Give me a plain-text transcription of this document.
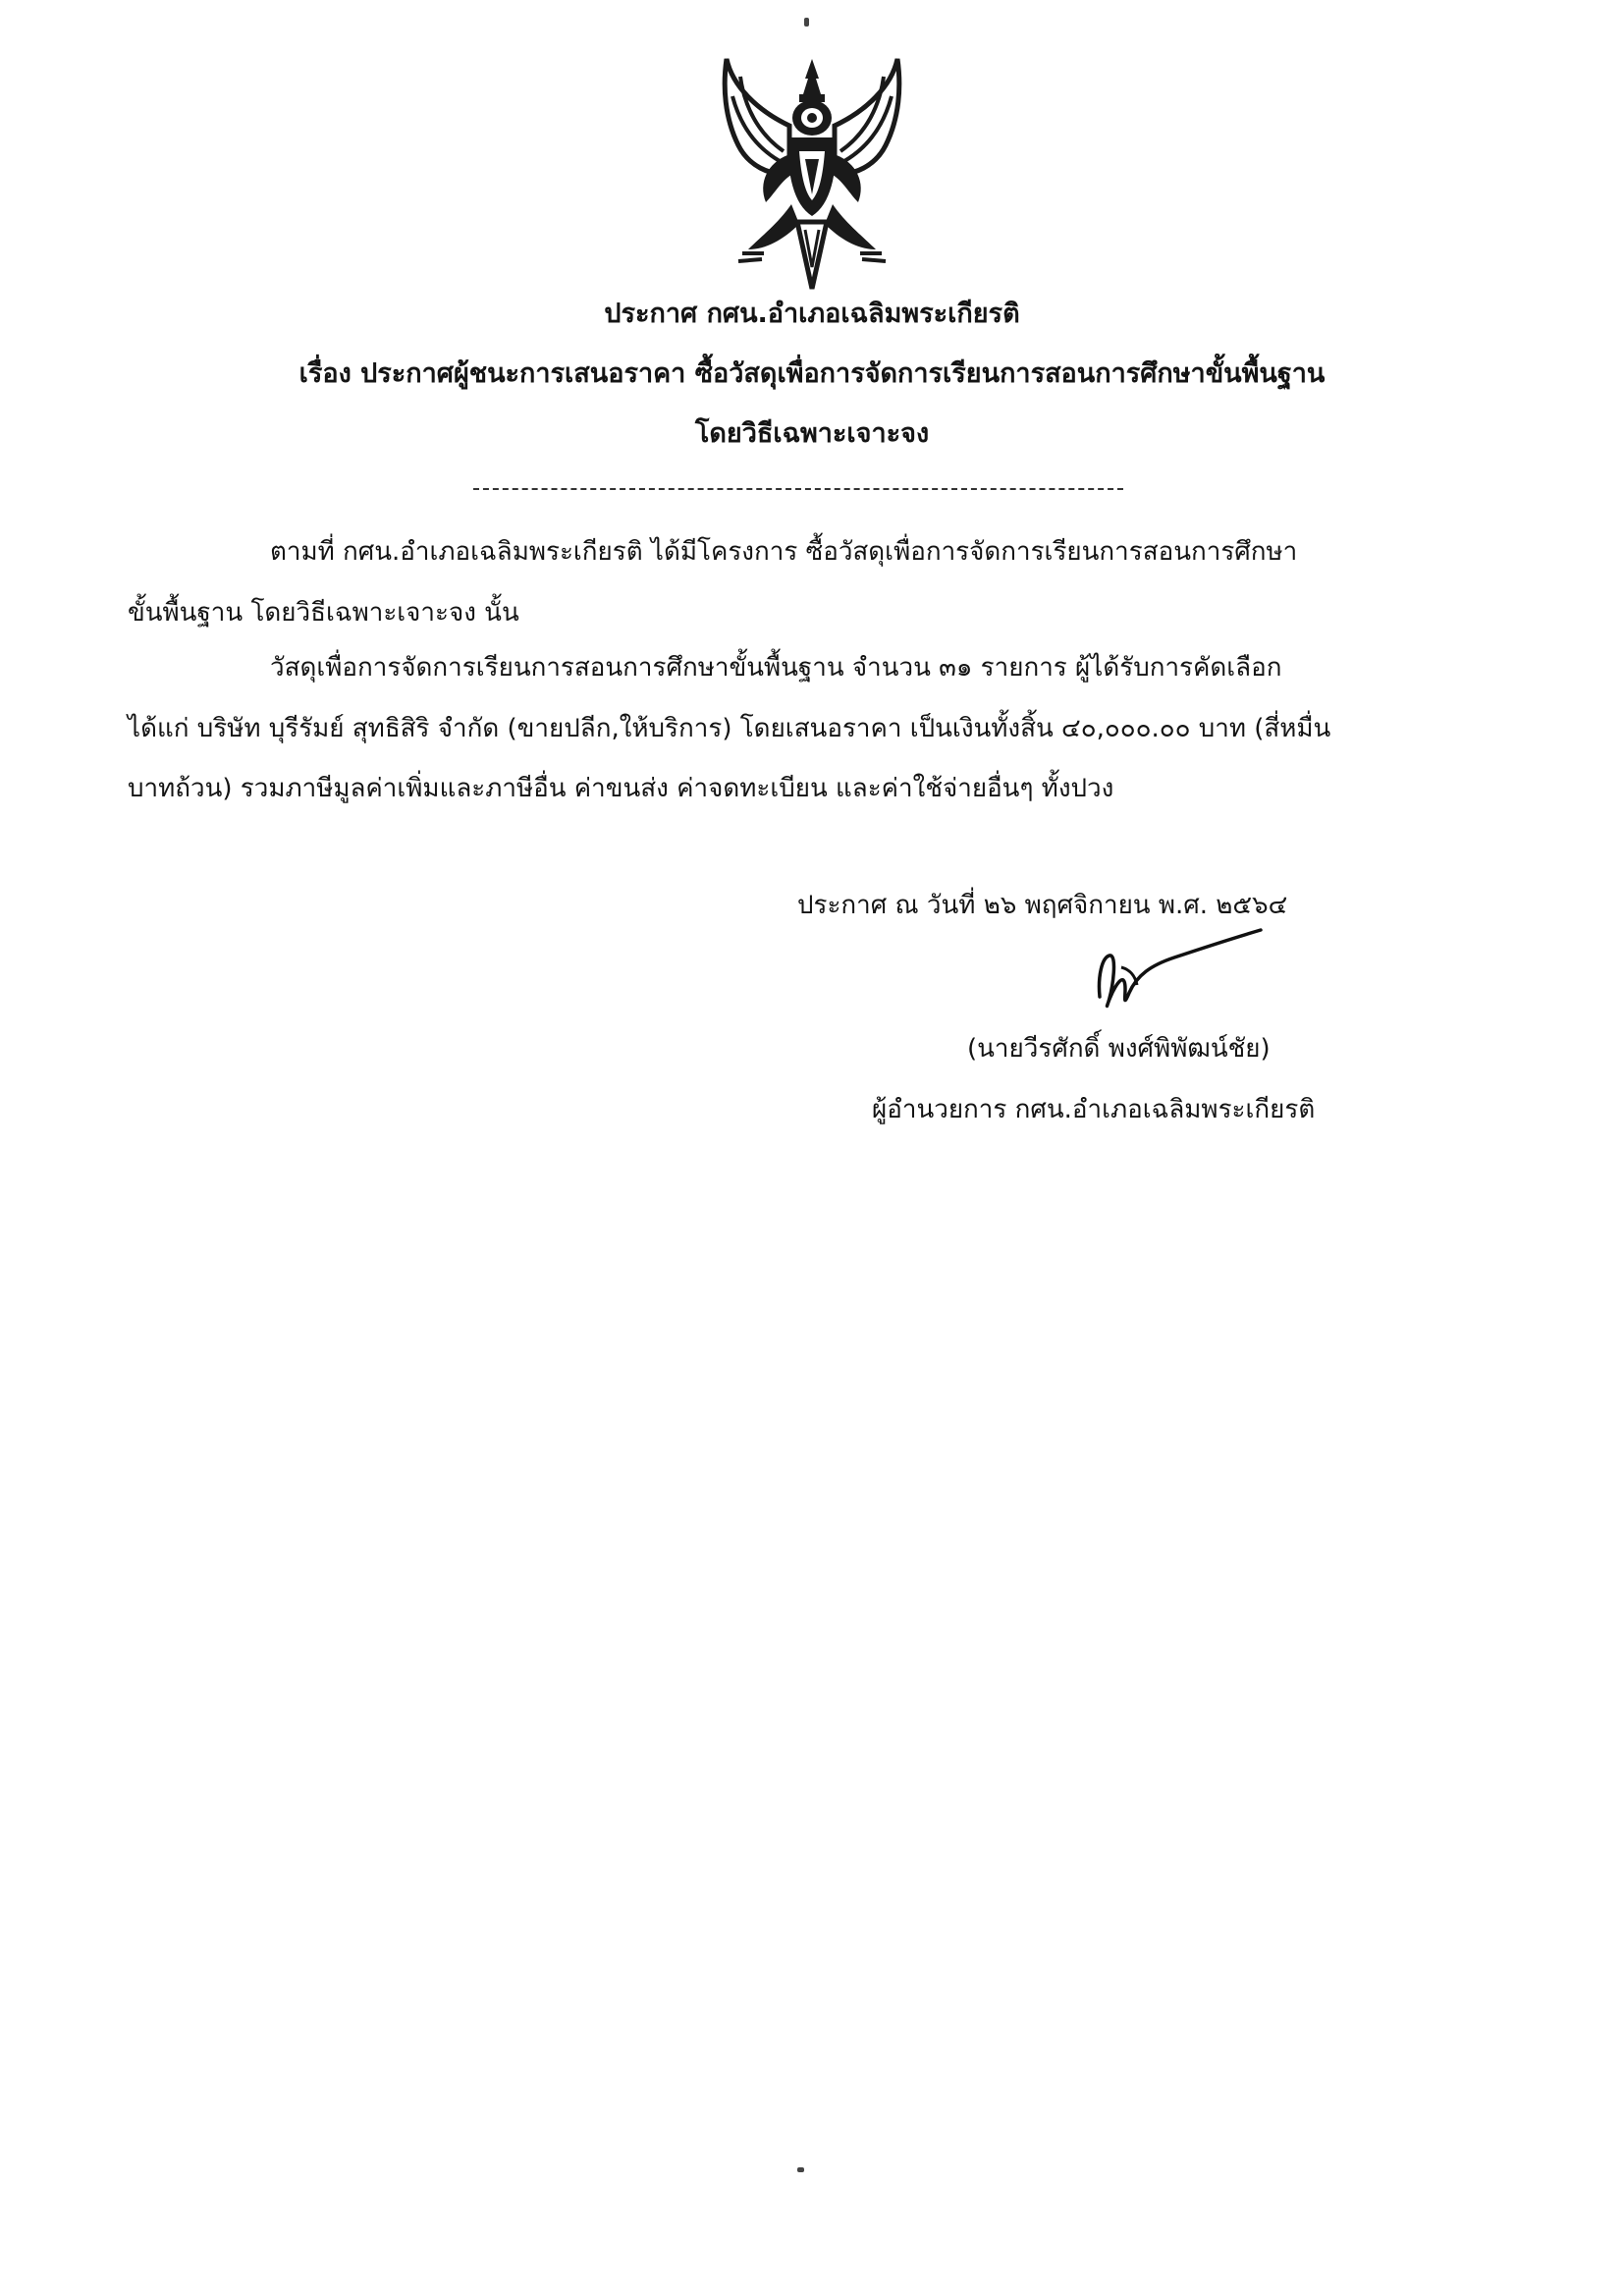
ประกาศ กศน.อำเภอเฉลิมพระเกียรติ
เรื่อง ประกาศผู้ชนะการเสนอราคา ซื้อวัสดุเพื่อการจัดการเรียนการสอนการศึกษาขั้นพื้นฐาน
โดยวิธีเฉพาะเจาะจง
ตามที่ กศน.อำเภอเฉลิมพระเกียรติ ได้มีโครงการ ซื้อวัสดุเพื่อการจัดการเรียนการสอนการศึกษา
ขั้นพื้นฐาน โดยวิธีเฉพาะเจาะจง นั้น
วัสดุเพื่อการจัดการเรียนการสอนการศึกษาขั้นพื้นฐาน จำนวน ๓๑ รายการ ผู้ได้รับการคัดเลือก
ได้แก่ บริษัท บุรีรัมย์ สุทธิสิริ จำกัด (ขายปลีก,ให้บริการ) โดยเสนอราคา เป็นเงินทั้งสิ้น ๔๐,๐๐๐.๐๐ บาท (สี่หมื่น
บาทถ้วน) รวมภาษีมูลค่าเพิ่มและภาษีอื่น ค่าขนส่ง ค่าจดทะเบียน และค่าใช้จ่ายอื่นๆ ทั้งปวง
ประกาศ ณ วันที่ ๒๖ พฤศจิกายน พ.ศ. ๒๕๖๔
(นายวีรศักดิ์ พงศ์พิพัฒน์ชัย)
ผู้อำนวยการ กศน.อำเภอเฉลิมพระเกียรติ
